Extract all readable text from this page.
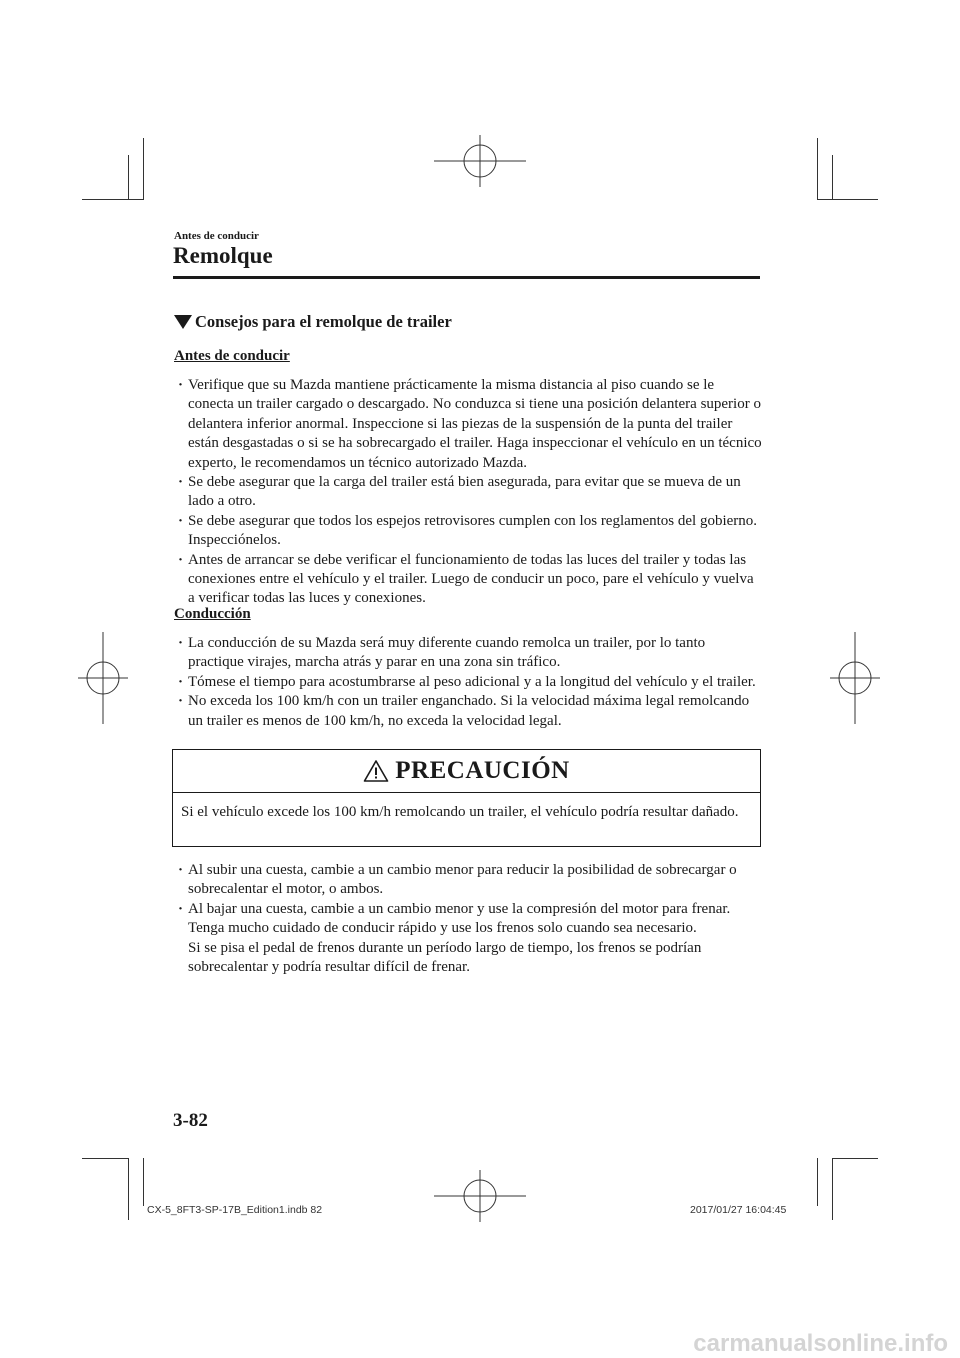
Antes de conducir
Remolque
Consejos para el remolque de trailer
Antes de conducir
· Verifique que su Mazda mantiene prácticamente la misma distancia al piso cuando se le conecta un trailer cargado o descargado. No conduzca si tiene una posición delantera superior o delantera inferior anormal. Inspeccione si las piezas de la suspensión de la punta del trailer están desgastadas o si se ha sobrecargado el trailer. Haga inspeccionar el vehículo en un técnico experto, le recomendamos un técnico autorizado Mazda.
· Se debe asegurar que la carga del trailer está bien asegurada, para evitar que se mueva de un lado a otro.
· Se debe asegurar que todos los espejos retrovisores cumplen con los reglamentos del gobierno. Inspecciónelos.
· Antes de arrancar se debe verificar el funcionamiento de todas las luces del trailer y todas las conexiones entre el vehículo y el trailer. Luego de conducir un poco, pare el vehículo y vuelva a verificar todas las luces y conexiones.
Conducción
· La conducción de su Mazda será muy diferente cuando remolca un trailer, por lo tanto practique virajes, marcha atrás y parar en una zona sin tráfico.
· Tómese el tiempo para acostumbrarse al peso adicional y a la longitud del vehículo y el trailer.
· No exceda los 100 km/h con un trailer enganchado. Si la velocidad máxima legal remolcando un trailer es menos de 100 km/h, no exceda la velocidad legal.
PRECAUCIÓN
Si el vehículo excede los 100 km/h remolcando un trailer, el vehículo podría resultar dañado.
· Al subir una cuesta, cambie a un cambio menor para reducir la posibilidad de sobrecargar o sobrecalentar el motor, o ambos.
· Al bajar una cuesta, cambie a un cambio menor y use la compresión del motor para frenar. Tenga mucho cuidado de conducir rápido y use los frenos solo cuando sea necesario.
Si se pisa el pedal de frenos durante un período largo de tiempo, los frenos se podrían sobrecalentar y podría resultar difícil de frenar.
3-82
CX-5_8FT3-SP-17B_Edition1.indb 82	2017/01/27 16:04:45
carmanualsonline.info
